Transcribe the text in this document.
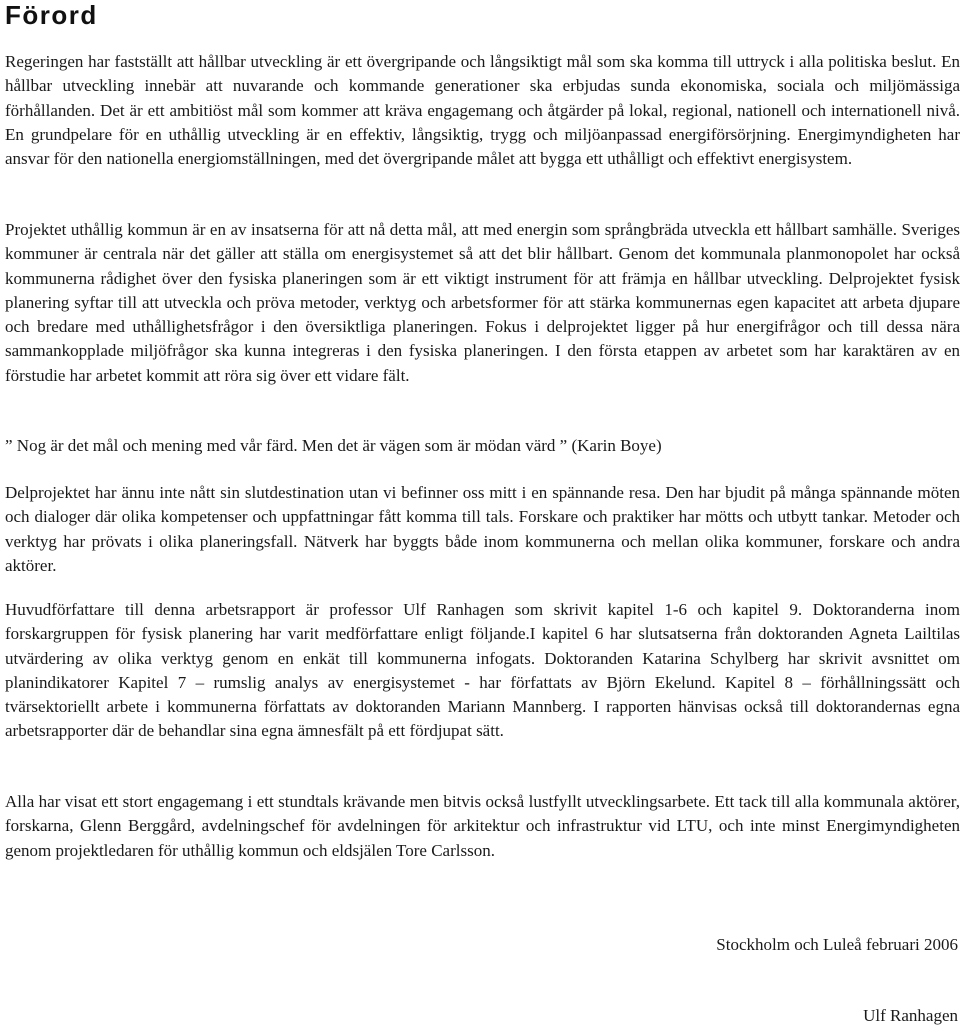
Förord

Regeringen har fastställt att hållbar utveckling är ett övergripande och långsiktigt mål som ska komma till uttryck i alla politiska beslut. En hållbar utveckling innebär att nuvarande och kommande generationer ska erbjudas sunda ekonomiska, sociala och miljömässiga förhållanden. Det är ett ambitiöst mål som kommer att kräva engagemang och åtgärder på lokal, regional, nationell och internationell nivå. En grundpelare för en uthållig utveckling är en effektiv, långsiktig, trygg och miljöanpassad energiförsörjning. Energimyndigheten har ansvar för den nationella energiomställningen, med det övergripande målet att bygga ett uthålligt och effektivt energisystem.

Projektet uthållig kommun är en av insatserna för att nå detta mål, att med energin som språngbräda utveckla ett hållbart samhälle. Sveriges kommuner är centrala när det gäller att ställa om energisystemet så att det blir hållbart. Genom det kommunala planmonopolet har också kommunerna rådighet över den fysiska planeringen som är ett viktigt instrument för att främja en hållbar utveckling. Delprojektet fysisk planering syftar till att utveckla och pröva metoder, verktyg och arbetsformer för att stärka kommunernas egen kapacitet att arbeta djupare och bredare med uthållighetsfrågor i den översiktliga planeringen. Fokus i delprojektet ligger på hur energifrågor och till dessa nära sammankopplade miljöfrågor ska kunna integreras i den fysiska planeringen. I den första etappen av arbetet som har karaktären av en förstudie har arbetet kommit att röra sig över ett vidare fält.

” Nog är det mål och mening med vår färd. Men det är vägen som är mödan värd ” (Karin Boye)

Delprojektet har ännu inte nått sin slutdestination utan vi befinner oss mitt i en spännande resa. Den har bjudit på många spännande möten och dialoger där olika kompetenser och uppfattningar fått komma till tals. Forskare och praktiker har mötts och utbytt tankar. Metoder och verktyg har prövats i olika planeringsfall. Nätverk har byggts både inom kommunerna och mellan olika kommuner, forskare och andra aktörer.

Huvudförfattare till denna arbetsrapport är professor Ulf Ranhagen som skrivit kapitel 1-6 och kapitel 9. Doktoranderna inom forskargruppen för fysisk planering har varit medförfattare enligt följande.I kapitel 6 har slutsatserna från doktoranden Agneta Lailtilas utvärdering av olika verktyg genom en enkät till kommunerna infogats. Doktoranden Katarina Schylberg har skrivit avsnittet om planindikatorer Kapitel 7 – rumslig analys av energisystemet - har författats av Björn Ekelund. Kapitel 8 – förhållningssätt och tvärsektoriellt arbete i kommunerna författats av doktoranden Mariann Mannberg. I rapporten hänvisas också till doktorandernas egna arbetsrapporter där de behandlar sina egna ämnesfält på ett fördjupat sätt.

Alla har visat ett stort engagemang i ett stundtals krävande men bitvis också lustfyllt utvecklingsarbete. Ett tack till alla kommunala aktörer, forskarna, Glenn Berggård, avdelningschef för avdelningen för arkitektur och infrastruktur vid LTU, och inte minst Energimyndigheten genom projektledaren för uthållig kommun och eldsjälen Tore Carlsson.

Stockholm och Luleå februari 2006

Ulf Ranhagen
